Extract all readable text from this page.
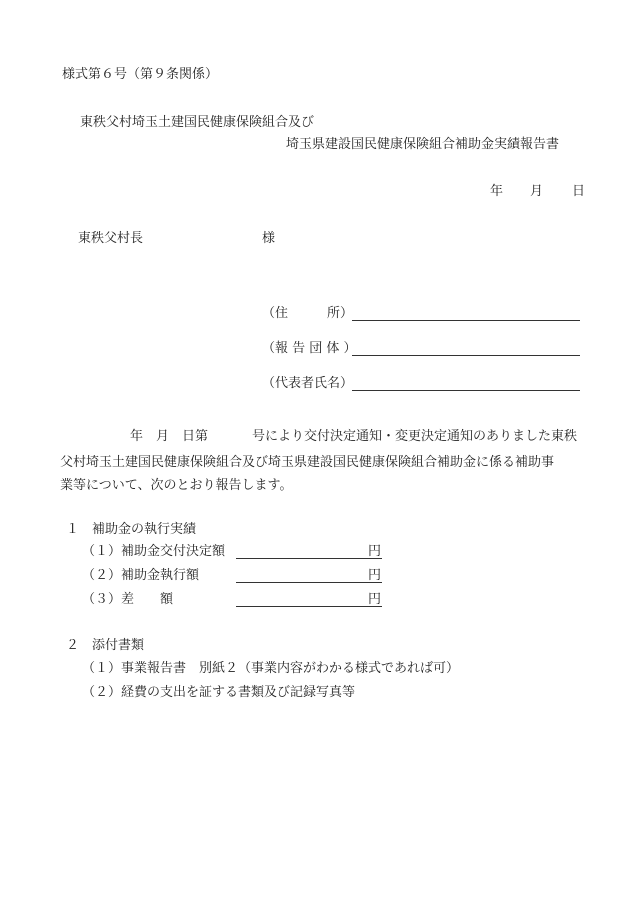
様式第６号（第９条関係）
東秩父村埼玉土建国民健康保険組合及び
埼玉県建設国民健康保険組合補助金実績報告書
年 月 日
東秩父村長	様
（住　　　所）
（報 告 団 体 ）
（代表者氏名）
年 月 日第	号により交付決定通知・変更決定通知のありました東秩
父村埼玉土建国民健康保険組合及び埼玉県建設国民健康保険組合補助金に係る補助事
業等について、次のとおり報告します。
１　補助金の執行実績
（１）補助金交付決定額	円
（２）補助金執行額	円
（３）差　　額	円
２　添付書類
（１）事業報告書　別紙２（事業内容がわかる様式であれば可）
（２）経費の支出を証する書類及び記録写真等
